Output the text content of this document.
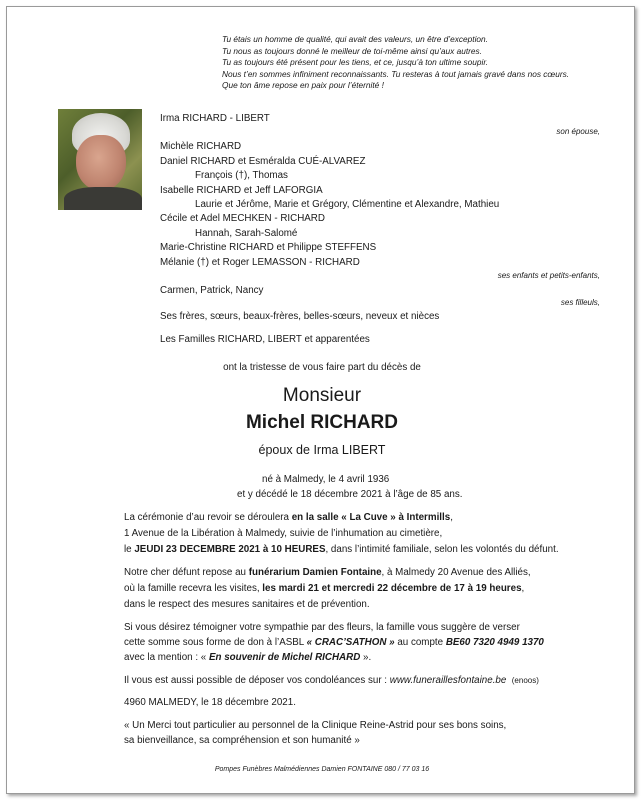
Tu étais un homme de qualité, qui avait des valeurs, un être d’exception.
Tu nous as toujours donné le meilleur de toi-même ainsi qu’aux autres.
Tu as toujours été présent pour les tiens, et ce, jusqu’à ton ultime soupir.
Nous t’en sommes infiniment reconnaissants. Tu resteras à tout jamais gravé dans nos cœurs.
Que ton âme repose en paix pour l’éternité !
Irma RICHARD - LIBERT
son épouse,
Michèle RICHARD
Daniel RICHARD et Esméralda CUÉ-ALVAREZ
François (†), Thomas
Isabelle RICHARD et Jeff LAFORGIA
Laurie et Jérôme, Marie et Grégory, Clémentine et Alexandre, Mathieu
Cécile et Adel MECHKEN - RICHARD
Hannah, Sarah-Salomé
Marie-Christine RICHARD et Philippe STEFFENS
Mélanie (†) et Roger LEMASSON - RICHARD
ses enfants et petits-enfants,
Carmen, Patrick, Nancy
ses filleuls,
Ses frères, sœurs, beaux-frères, belles-sœurs, neveux et nièces
Les Familles RICHARD, LIBERT et apparentées
ont la tristesse de vous faire part du décès de
Monsieur
Michel RICHARD
époux de Irma LIBERT
né à Malmedy, le 4 avril 1936
et y décédé le 18 décembre 2021 à l’âge de 85 ans.
La cérémonie d’au revoir se déroulera en la salle « La Cuve » à Intermills,
1 Avenue de la Libération à Malmedy, suivie de l’inhumation au cimetière,
le JEUDI 23 DECEMBRE 2021 à 10 HEURES, dans l’intimité familiale, selon les volontés du défunt.
Notre cher défunt repose au funérarium Damien Fontaine, à Malmedy 20 Avenue des Alliés,
où la famille recevra les visites, les mardi 21 et mercredi 22 décembre de 17 à 19 heures,
dans le respect des mesures sanitaires et de prévention.
Si vous désirez témoigner votre sympathie par des fleurs, la famille vous suggère de verser
cette somme sous forme de don à l’ASBL « CRAC’SATHON » au compte BE60 7320 4949 1370
avec la mention : « En souvenir de Michel RICHARD ».
Il vous est aussi possible de déposer vos condoléances sur : www.funeraillesfontaine.be (enoos)
4960 MALMEDY, le 18 décembre 2021.
« Un Merci tout particulier au personnel de la Clinique Reine-Astrid pour ses bons soins,
sa bienveillance, sa compréhension et son humanité »
Pompes Funèbres Malmédiennes Damien FONTAINE 080 / 77 03 16
